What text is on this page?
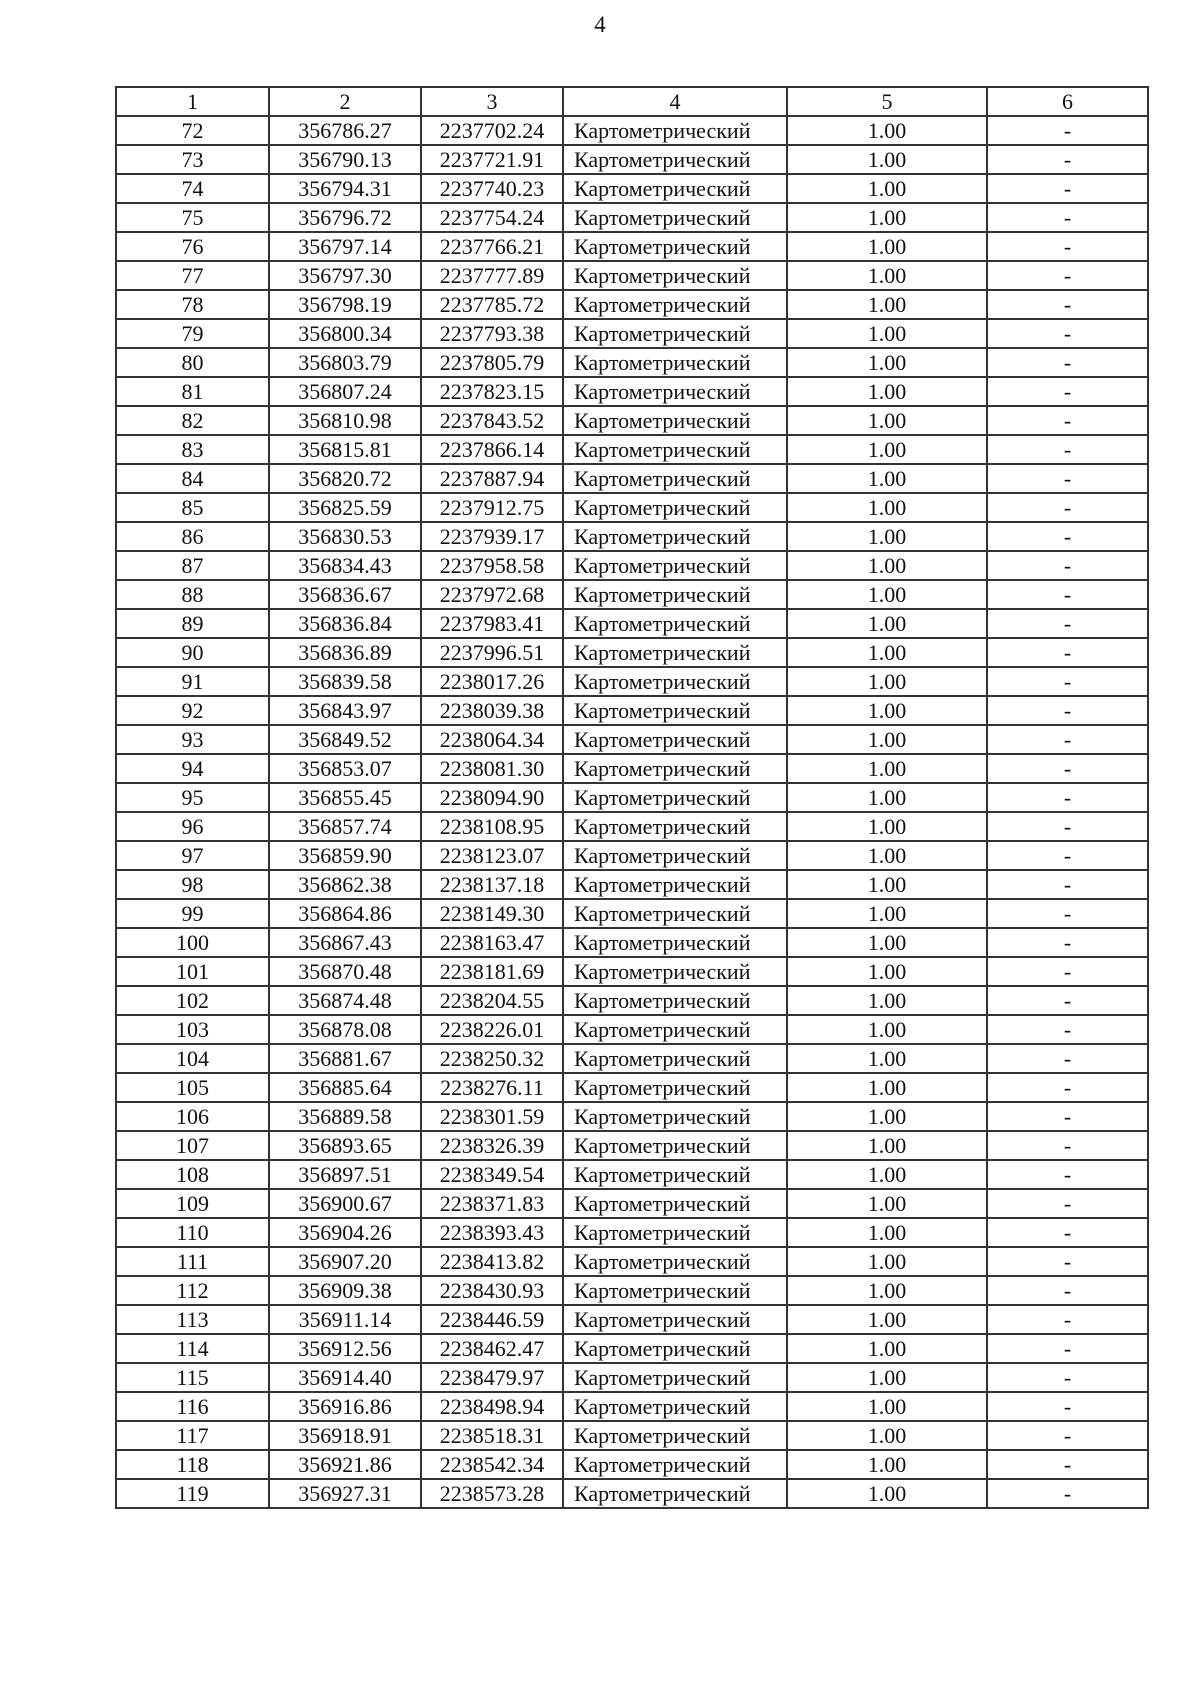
4
1	2	3	4	5	6
72	356786.27	2237702.24	Картометрический	1.00	-
73	356790.13	2237721.91	Картометрический	1.00	-
74	356794.31	2237740.23	Картометрический	1.00	-
75	356796.72	2237754.24	Картометрический	1.00	-
76	356797.14	2237766.21	Картометрический	1.00	-
77	356797.30	2237777.89	Картометрический	1.00	-
78	356798.19	2237785.72	Картометрический	1.00	-
79	356800.34	2237793.38	Картометрический	1.00	-
80	356803.79	2237805.79	Картометрический	1.00	-
81	356807.24	2237823.15	Картометрический	1.00	-
82	356810.98	2237843.52	Картометрический	1.00	-
83	356815.81	2237866.14	Картометрический	1.00	-
84	356820.72	2237887.94	Картометрический	1.00	-
85	356825.59	2237912.75	Картометрический	1.00	-
86	356830.53	2237939.17	Картометрический	1.00	-
87	356834.43	2237958.58	Картометрический	1.00	-
88	356836.67	2237972.68	Картометрический	1.00	-
89	356836.84	2237983.41	Картометрический	1.00	-
90	356836.89	2237996.51	Картометрический	1.00	-
91	356839.58	2238017.26	Картометрический	1.00	-
92	356843.97	2238039.38	Картометрический	1.00	-
93	356849.52	2238064.34	Картометрический	1.00	-
94	356853.07	2238081.30	Картометрический	1.00	-
95	356855.45	2238094.90	Картометрический	1.00	-
96	356857.74	2238108.95	Картометрический	1.00	-
97	356859.90	2238123.07	Картометрический	1.00	-
98	356862.38	2238137.18	Картометрический	1.00	-
99	356864.86	2238149.30	Картометрический	1.00	-
100	356867.43	2238163.47	Картометрический	1.00	-
101	356870.48	2238181.69	Картометрический	1.00	-
102	356874.48	2238204.55	Картометрический	1.00	-
103	356878.08	2238226.01	Картометрический	1.00	-
104	356881.67	2238250.32	Картометрический	1.00	-
105	356885.64	2238276.11	Картометрический	1.00	-
106	356889.58	2238301.59	Картометрический	1.00	-
107	356893.65	2238326.39	Картометрический	1.00	-
108	356897.51	2238349.54	Картометрический	1.00	-
109	356900.67	2238371.83	Картометрический	1.00	-
110	356904.26	2238393.43	Картометрический	1.00	-
111	356907.20	2238413.82	Картометрический	1.00	-
112	356909.38	2238430.93	Картометрический	1.00	-
113	356911.14	2238446.59	Картометрический	1.00	-
114	356912.56	2238462.47	Картометрический	1.00	-
115	356914.40	2238479.97	Картометрический	1.00	-
116	356916.86	2238498.94	Картометрический	1.00	-
117	356918.91	2238518.31	Картометрический	1.00	-
118	356921.86	2238542.34	Картометрический	1.00	-
119	356927.31	2238573.28	Картометрический	1.00	-
